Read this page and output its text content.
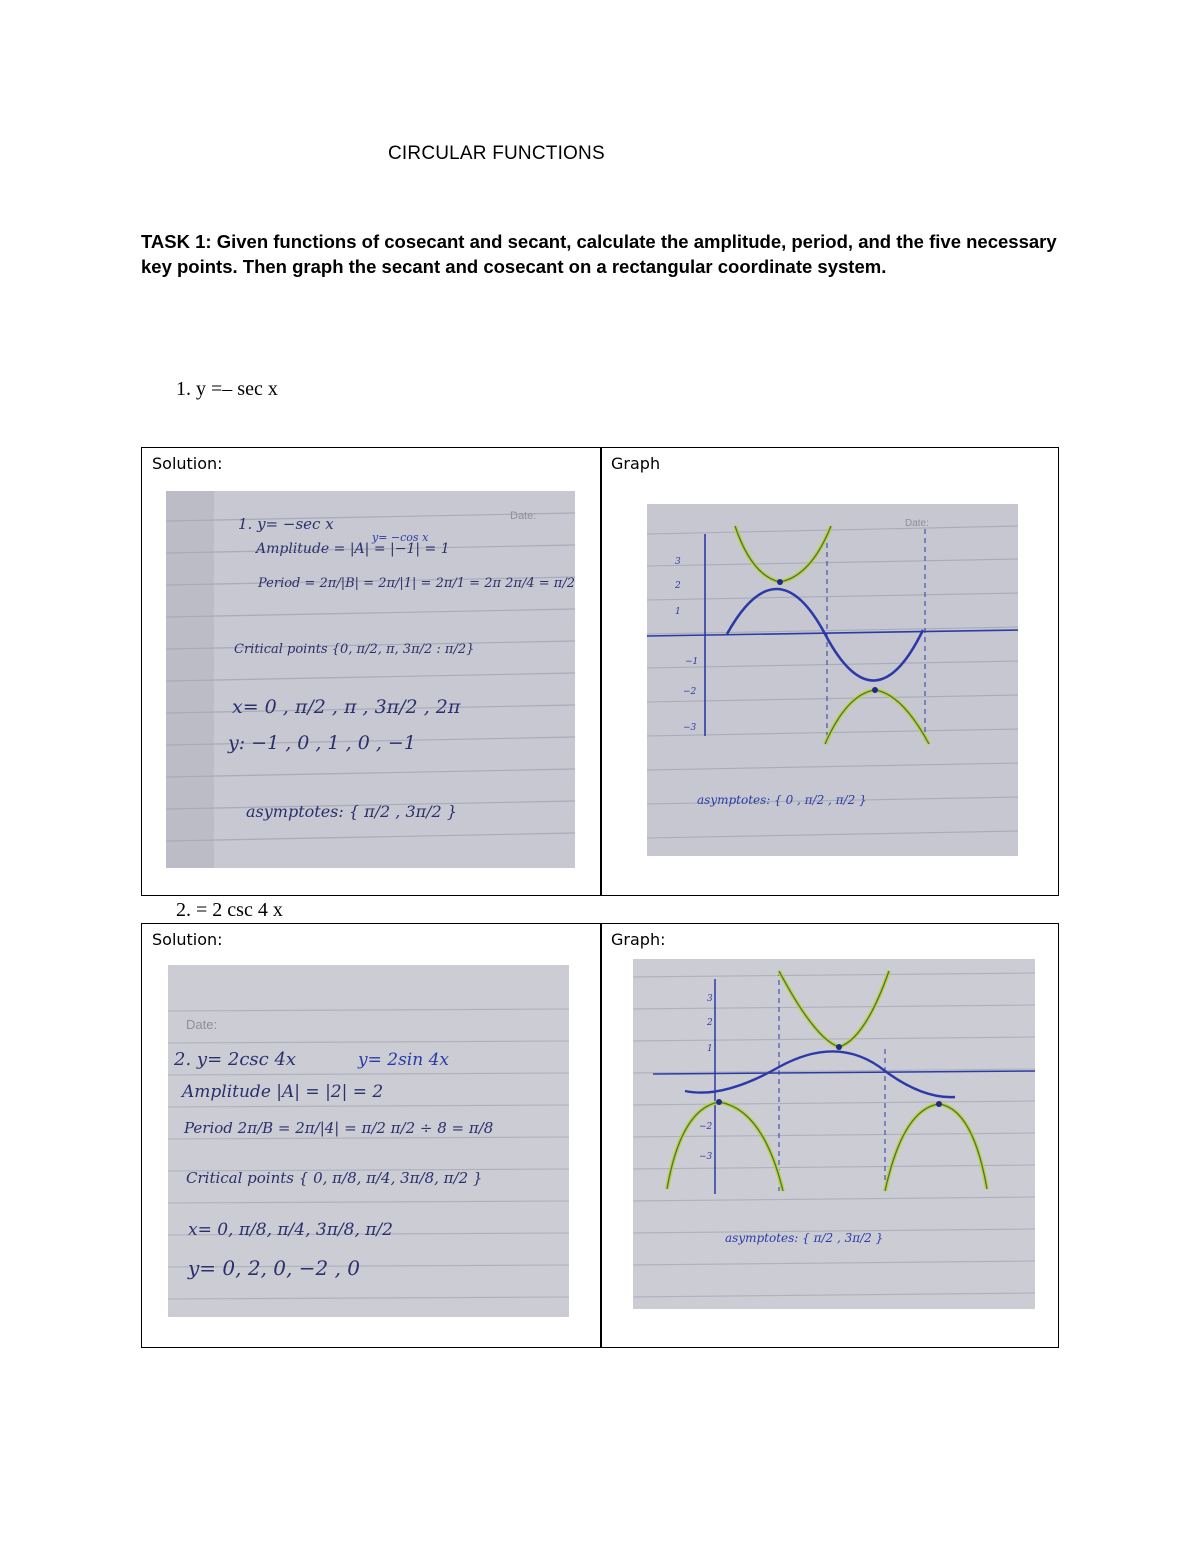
CIRCULAR FUNCTIONS
TASK 1: Given functions of cosecant and secant, calculate the amplitude, period, and the five necessary key points. Then graph the secant and cosecant on a rectangular coordinate system.
1. y =– sec x
Solution:	Graph
Date:
1. y= −sec x
y= −cos x
Amplitude = |A| = |−1| = 1
Period = 2π/|B| = 2π/|1| = 2π/1 = 2π 2π/4 = π/2
Critical points {0, π/2, π, 3π/2 : π/2}
x= 0 , π/2 , π , 3π/2 , 2π
y: −1 , 0 , 1 , 0 , −1
asymptotes: { π/2 , 3π/2 }
Date:
3
2
1
−1
−2
−3
asymptotes: { 0 , π/2 , π/2 }
2. = 2 csc 4 x
Solution:	Graph:
Date:
2. y= 2csc 4x	y= 2sin 4x
Amplitude |A| = |2| = 2
Period 2π/B = 2π/|4| = π/2 π/2 ÷ 8 = π/8
Critical points { 0, π/8, π/4, 3π/8, π/2 }
x= 0, π/8, π/4, 3π/8, π/2
y= 0, 2, 0, −2 , 0
3
2
1
−2
−3
asymptotes: { π/2 , 3π/2 }
